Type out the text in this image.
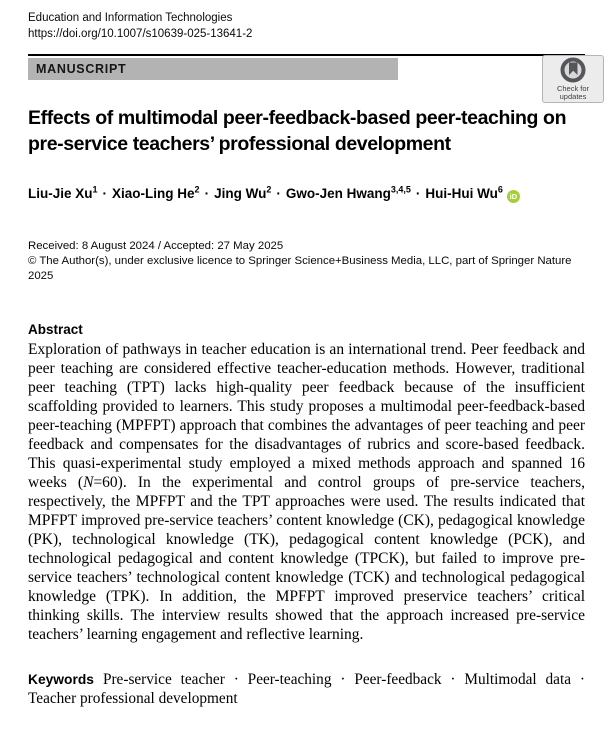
Education and Information Technologies
https://doi.org/10.1007/s10639-025-13641-2
MANUSCRIPT
Check for
updates
Effects of multimodal peer-feedback-based peer-teaching on pre-service teachers’ professional development
Liu-Jie $Xu^1$ · Xiao-Ling $He^2$ · Jing $Wu^2 \cdot Gwo-Jen$ Hwang$^{3,4,5}$ · Hui-Hui Wu$^6$iD
Received: 8 August 2024 / Accepted: 27 May 2025
© The Author(s), under exclusive licence to Springer Science+Business Media, LLC, part of Springer Nature 2025
Abstract

Exploration of pathways in teacher education is an international trend. Peer feedback and peer teaching are considered effective teacher-education methods. However, traditional peer teaching (TPT) lacks high-quality peer feedback because of the insufficient scaffolding provided to learners. This study proposes a multimodal peer-feedback-based peer-teaching (MPFPT) approach that combines the advantages of peer teaching and peer feedback and compensates for the disadvantages of rubrics and score-based feedback. This quasi-experimental study employed a mixed methods approach and spanned 16 weeks (N=60). In the experimental and control groups of pre-service teachers, respectively, the MPFPT and the TPT approaches were used. The results indicated that MPFPT improved pre-service teachers’ content knowledge (CK), pedagogical knowledge (PK), technological knowledge (TK), pedagogical content knowledge (PCK), and technological pedagogical and content knowledge (TPCK), but failed to improve pre-service teachers’ technological content knowledge (TCK) and technological pedagogical knowledge (TPK). In addition, the MPFPT improved preservice teachers’ critical thinking skills. The interview results showed that the approach increased pre-service teachers’ learning engagement and reflective learning.

Keywords Pre-service teacher · Peer-teaching · Peer-feedback · Multimodal data · Teacher professional development
